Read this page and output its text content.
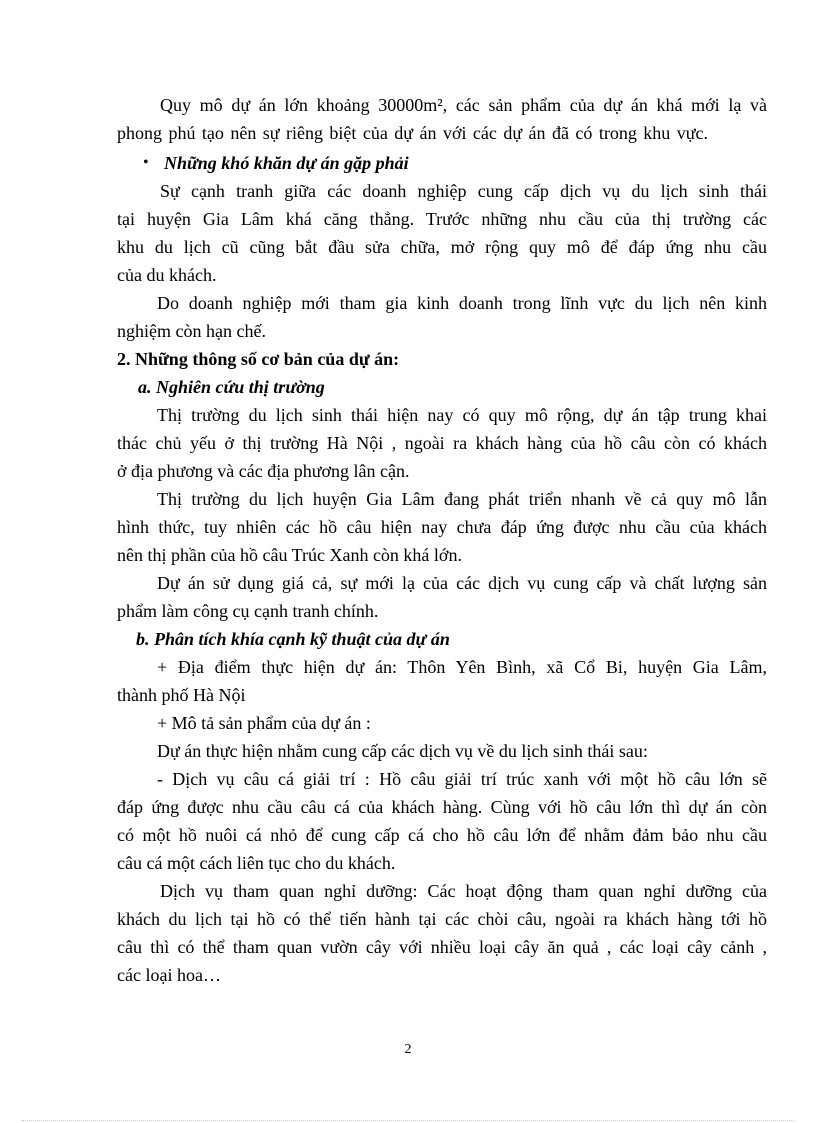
Quy mô dự án lớn khoảng 30000m², các sản phẩm của dự án khá mới lạ và
phong phú tạo nên sự riêng biệt của dự án với các dự án đã có trong khu vực.
• Những khó khăn dự án gặp phải
Sự cạnh tranh giữa các doanh nghiệp cung cấp dịch vụ du lịch sinh thái
tại huyện Gia Lâm khá căng thẳng. Trước những nhu cầu của thị trường các
khu du lịch cũ cũng bắt đầu sửa chữa, mở rộng quy mô để đáp ứng nhu cầu
của du khách.
Do doanh nghiệp mới tham gia kinh doanh trong lĩnh vực du lịch nên kinh
nghiệm còn hạn chế.
2. Những thông số cơ bản của dự án:
a. Nghiên cứu thị trường
Thị trường du lịch sinh thái hiện nay có quy mô rộng, dự án tập trung khai
thác chủ yếu ở thị trường Hà Nội , ngoài ra khách hàng của hồ câu còn có khách
ở địa phương và các địa phương lân cận.
Thị trường du lịch huyện Gia Lâm đang phát triển nhanh về cả quy mô lẫn
hình thức, tuy nhiên các hồ câu hiện nay chưa đáp ứng được nhu cầu của khách
nên thị phần của hồ câu Trúc Xanh còn khá lớn.
Dự án sử dụng giá cả, sự mới lạ của các dịch vụ cung cấp và chất lượng sản
phẩm làm công cụ cạnh tranh chính.
b. Phân tích khía cạnh kỹ thuật của dự án
+ Địa điểm thực hiện dự án: Thôn Yên Bình, xã Cổ Bi, huyện Gia Lâm,
thành phố Hà Nội
+ Mô tả sản phẩm của dự án :
Dự án thực hiện nhằm cung cấp các dịch vụ về du lịch sinh thái sau:
- Dịch vụ câu cá giải trí : Hồ câu giải trí trúc xanh với một hồ câu lớn sẽ
đáp ứng được nhu cầu câu cá của khách hàng. Cùng với hồ câu lớn thì dự án còn
có một hồ nuôi cá nhỏ để cung cấp cá cho hồ câu lớn để nhằm đảm bảo nhu cầu
câu cá một cách liên tục cho du khách.
Dịch vụ tham quan nghỉ dưỡng: Các hoạt động tham quan nghỉ dưỡng của
khách du lịch tại hồ có thể tiến hành tại các chòi câu, ngoài ra khách hàng tới hồ
câu thì có thể tham quan vườn cây với nhiều loại cây ăn quả , các loại cây cảnh ,
các loại hoa…
2
